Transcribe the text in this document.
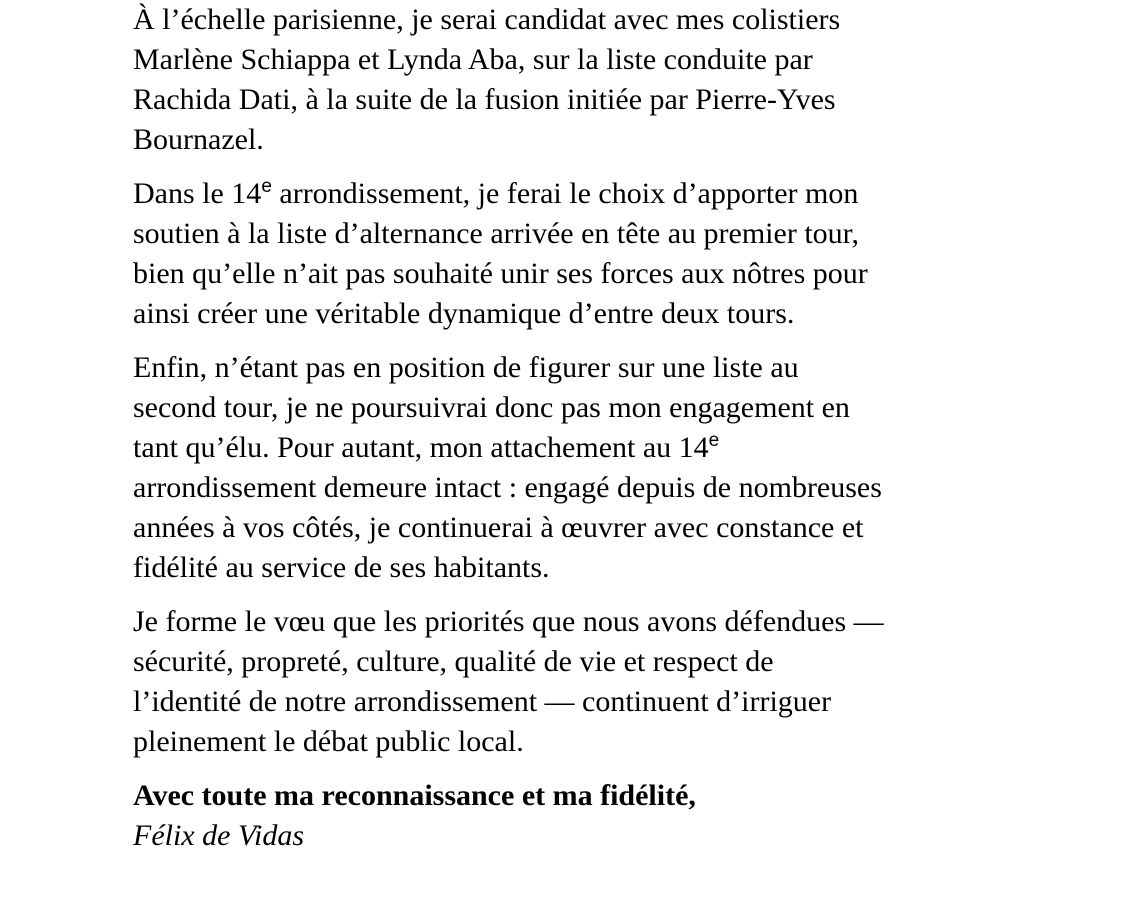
À l’échelle parisienne, je serai candidat avec mes colistiers
Marlène Schiappa et Lynda Aba, sur la liste conduite par
Rachida Dati, à la suite de la fusion initiée par Pierre-Yves
Bournazel.

Dans le 14e arrondissement, je ferai le choix d’apporter mon
soutien à la liste d’alternance arrivée en tête au premier tour,
bien qu’elle n’ait pas souhaité unir ses forces aux nôtres pour
ainsi créer une véritable dynamique d’entre deux tours.

Enfin, n’étant pas en position de figurer sur une liste au
second tour, je ne poursuivrai donc pas mon engagement en
tant qu’élu. Pour autant, mon attachement au 14e
arrondissement demeure intact : engagé depuis de nombreuses
années à vos côtés, je continuerai à œuvrer avec constance et
fidélité au service de ses habitants.

Je forme le vœu que les priorités que nous avons défendues —
sécurité, propreté, culture, qualité de vie et respect de
l’identité de notre arrondissement — continuent d’irriguer
pleinement le débat public local.

Avec toute ma reconnaissance et ma fidélité,
Félix de Vidas
